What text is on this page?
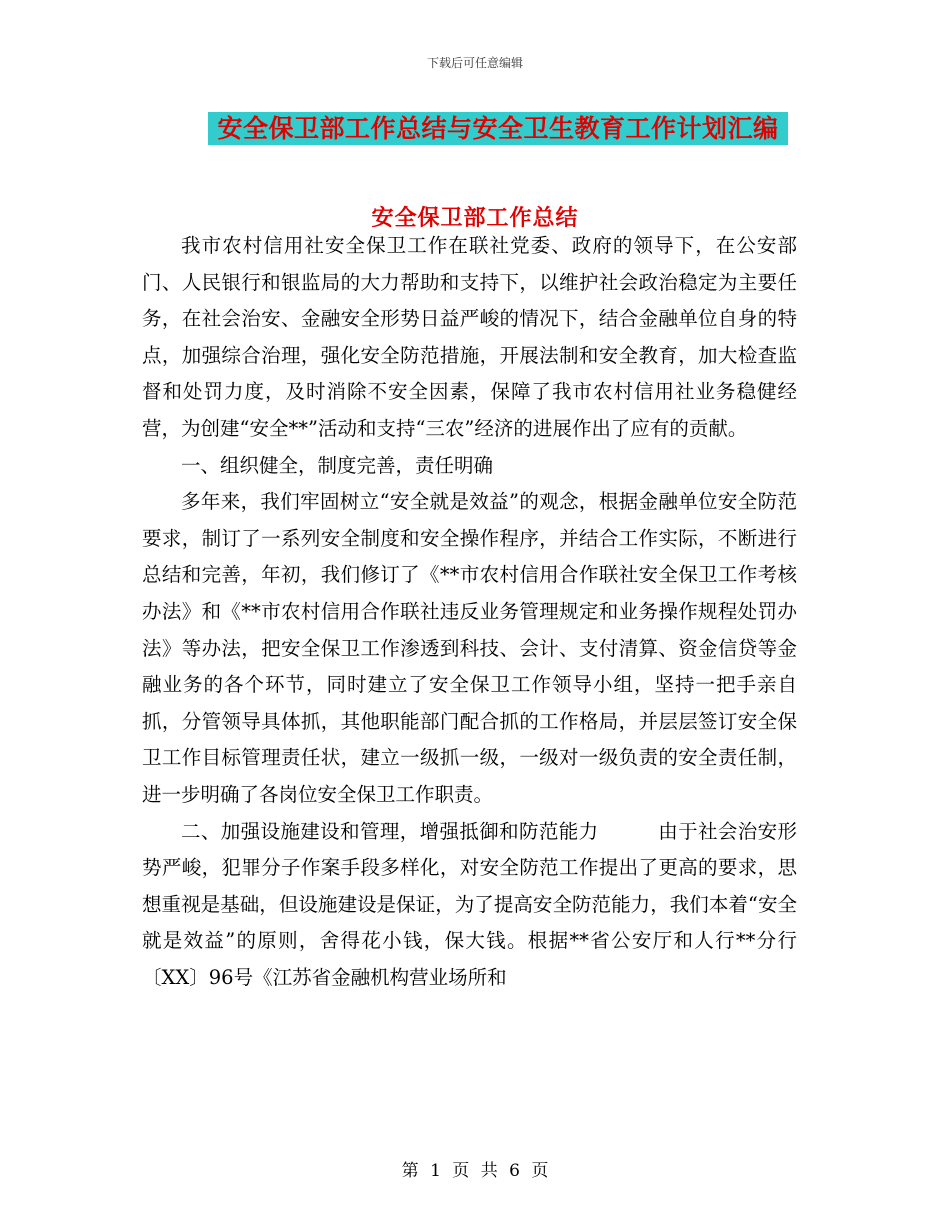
下载后可任意编辑
安全保卫部工作总结与安全卫生教育工作计划汇编
安全保卫部工作总结

我市农村信用社安全保卫工作在联社党委、政府的领导下，在公安部门、人民银行和银监局的大力帮助和支持下，以维护社会政治稳定为主要任务，在社会治安、金融安全形势日益严峻的情况下，结合金融单位自身的特点，加强综合治理，强化安全防范措施，开展法制和安全教育，加大检查监督和处罚力度，及时消除不安全因素，保障了我市农村信用社业务稳健经营，为创建“安全**”活动和支持“三农”经济的进展作出了应有的贡献。

一、组织健全，制度完善，责任明确

多年来，我们牢固树立“安全就是效益”的观念，根据金融单位安全防范要求，制订了一系列安全制度和安全操作程序，并结合工作实际，不断进行总结和完善，年初，我们修订了《**市农村信用合作联社安全保卫工作考核办法》和《**市农村信用合作联社违反业务管理规定和业务操作规程处罚办法》等办法，把安全保卫工作渗透到科技、会计、支付清算、资金信贷等金融业务的各个环节，同时建立了安全保卫工作领导小组，坚持一把手亲自抓，分管领导具体抓，其他职能部门配合抓的工作格局，并层层签订安全保卫工作目标管理责任状，建立一级抓一级，一级对一级负责的安全责任制，进一步明确了各岗位安全保卫工作职责。

二、加强设施建设和管理，增强抵御和防范能力　　　由于社会治安形势严峻，犯罪分子作案手段多样化，对安全防范工作提出了更高的要求，思想重视是基础，但设施建设是保证，为了提高安全防范能力，我们本着“安全就是效益”的原则，舍得花小钱，保大钱。根据**省公安厅和人行**分行〔XX〕96号《江苏省金融机构营业场所和

第 1 页 共 6 页
